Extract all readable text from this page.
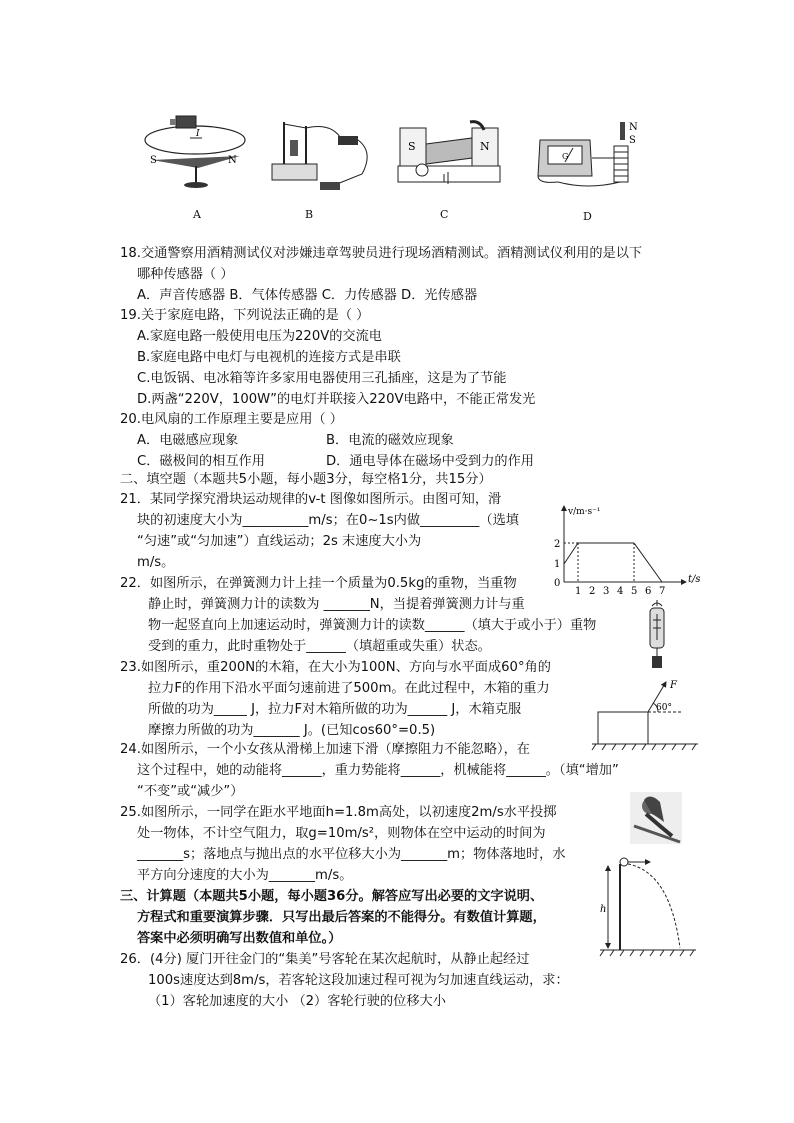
S	N
I
A	B
S	N
C
G
N
S
D
18.交通警察用酒精测试仪对涉嫌违章驾驶员进行现场酒精测试。酒精测试仪利用的是以下
哪种传感器（ ）
A．声音传感器 B．气体传感器 C．力传感器 D．光传感器
19.关于家庭电路，下列说法正确的是（ ）
A.家庭电路一般使用电压为220V的交流电
B.家庭电路中电灯与电视机的连接方式是串联
C.电饭锅、电冰箱等许多家用电器使用三孔插座，这是为了节能
D.两盏“220V，100W”的电灯并联接入220V电路中，不能正常发光
20.电风扇的工作原理主要是应用（ ）
A．电磁感应现象	B．电流的磁效应现象
C．磁极间的相互作用	D．通电导体在磁场中受到力的作用
二、填空题（本题共5小题，每小题3分，每空格1分，共15分）
21．某同学探究滑块运动规律的v-t 图像如图所示。由图可知，滑
块的初速度大小为__________m/s；在0~1s内做_________（选填
“匀速”或“匀加速”）直线运动；2s 末速度大小为
m/s。
v/m·s⁻¹
t/s
2
1
0
1 2 3 4 5 6 7
22．如图所示，在弹簧测力计上挂一个质量为0.5kg的重物，当重物
静止时，弹簧测力计的读数为 _______N，当提着弹簧测力计与重
物一起竖直向上加速运动时，弹簧测力计的读数______（填大于或小于）重物
受到的重力，此时重物处于______（填超重或失重）状态。
23.如图所示，重200N的木箱，在大小为100N、方向与水平面成60°角的
拉力F的作用下沿水平面匀速前进了500m。在此过程中，木箱的重力
所做的功为_____ J，拉力F对木箱所做的功为______ J，木箱克服
摩擦力所做的功为_______ J。(已知cos60°=0.5)
F
60°
24.如图所示，一个小女孩从滑梯上加速下滑（摩擦阻力不能忽略），在
这个过程中，她的动能将______，重力势能将______，机械能将______。（填“增加”
“不变”或“减少”）
25.如图所示，一同学在距水平地面h=1.8m高处，以初速度2m/s水平投掷
处一物体，不计空气阻力，取g=10m/s²，则物体在空中运动的时间为
_______s；落地点与抛出点的水平位移大小为_______m；物体落地时，水
平方向分速度的大小为_______m/s。
h
三、计算题（本题共5小题，每小题36分。解答应写出必要的文字说明、
方程式和重要演算步骤．只写出最后答案的不能得分。有数值计算题，
答案中必须明确写出数值和单位。）
26．(4分) 厦门开往金门的“集美”号客轮在某次起航时，从静止起经过
100s速度达到8m/s，若客轮这段加速过程可视为匀加速直线运动，求：
（1）客轮加速度的大小 （2）客轮行驶的位移大小
